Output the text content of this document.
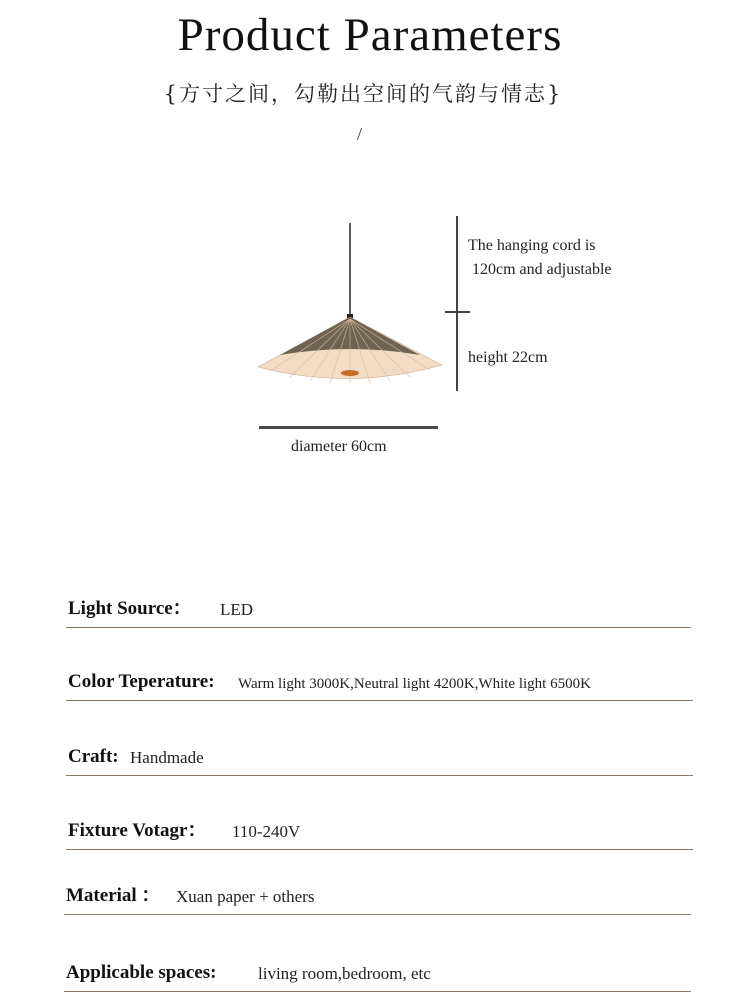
Product Parameters
{方寸之间，勾勒出空间的气韵与情志}
/
The hanging cord is
120cm and adjustable
height 22cm
diameter 60cm
Light Source： LED
Color Teperature: Warm light 3000K,Neutral light 4200K,White light 6500K
Craft: Handmade
Fixture Votagr： 110-240V
Material ： Xuan paper + others
Applicable spaces: living room,bedroom, etc
